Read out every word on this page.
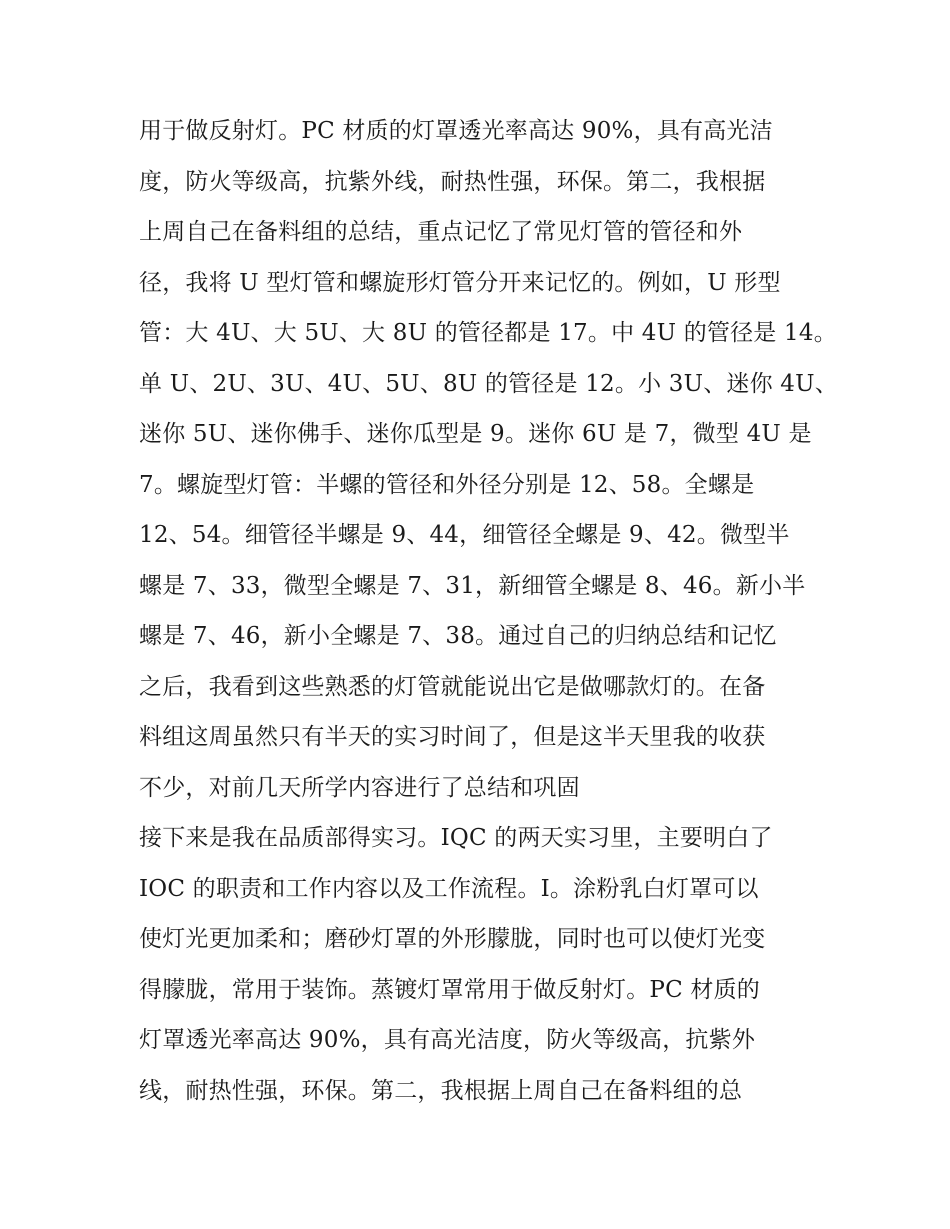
用于做反射灯。PC 材质的灯罩透光率高达 90%，具有高光洁
度，防火等级高，抗紫外线，耐热性强，环保。第二，我根据
上周自己在备料组的总结，重点记忆了常见灯管的管径和外
径，我将 U 型灯管和螺旋形灯管分开来记忆的。例如，U 形型
管：大 4U、大 5U、大 8U 的管径都是 17。中 4U 的管径是 14。
单 U、2U、3U、4U、5U、8U 的管径是 12。小 3U、迷你 4U、
迷你 5U、迷你佛手、迷你瓜型是 9。迷你 6U 是 7，微型 4U 是
7。螺旋型灯管：半螺的管径和外径分别是 12、58。全螺是
12、54。细管径半螺是 9、44，细管径全螺是 9、42。微型半
螺是 7、33，微型全螺是 7、31，新细管全螺是 8、46。新小半
螺是 7、46，新小全螺是 7、38。通过自己的归纳总结和记忆
之后，我看到这些熟悉的灯管就能说出它是做哪款灯的。在备
料组这周虽然只有半天的实习时间了，但是这半天里我的收获
不少，对前几天所学内容进行了总结和巩固
接下来是我在品质部得实习。IQC 的两天实习里，主要明白了
IOC 的职责和工作内容以及工作流程。I。涂粉乳白灯罩可以
使灯光更加柔和；磨砂灯罩的外形朦胧，同时也可以使灯光变
得朦胧，常用于装饰。蒸镀灯罩常用于做反射灯。PC 材质的
灯罩透光率高达 90%，具有高光洁度，防火等级高，抗紫外
线，耐热性强，环保。第二，我根据上周自己在备料组的总
